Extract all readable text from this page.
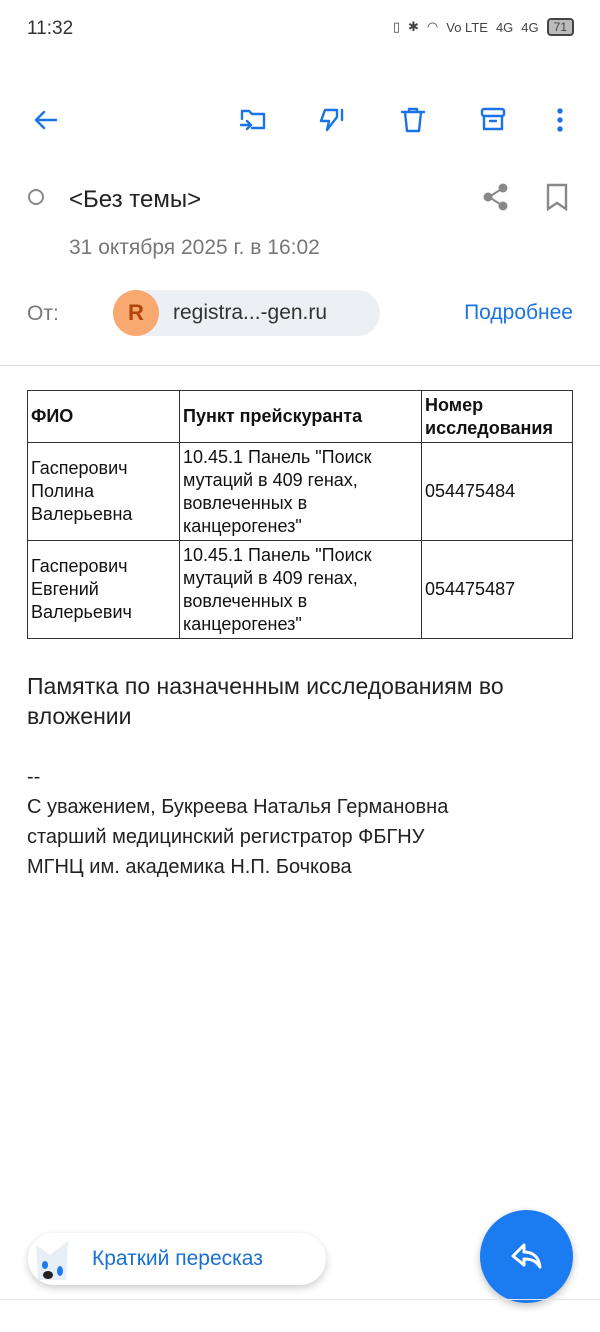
11:32	▯ ✱ ◠ Vo LTE 4G 4G	71
<Без темы>
31 октября 2025 г. в 16:02
От:	R	registra...-gen.ru	Подробнее
ФИО	Пункт прейскуранта	Номер исследования
Гасперович Полина Валерьевна	10.45.1 Панель "Поиск мутаций в 409 генах, вовлеченных в канцерогенез"	054475484
Гасперович Евгений Валерьевич	10.45.1 Панель "Поиск мутаций в 409 генах, вовлеченных в канцерогенез"	054475487
Памятка по назначенным исследованиям во вложении
--
С уважением, Букреева Наталья Германовна
старший медицинский регистратор ФБГНУ
МГНЦ им. академика Н.П. Бочкова
Краткий пересказ
